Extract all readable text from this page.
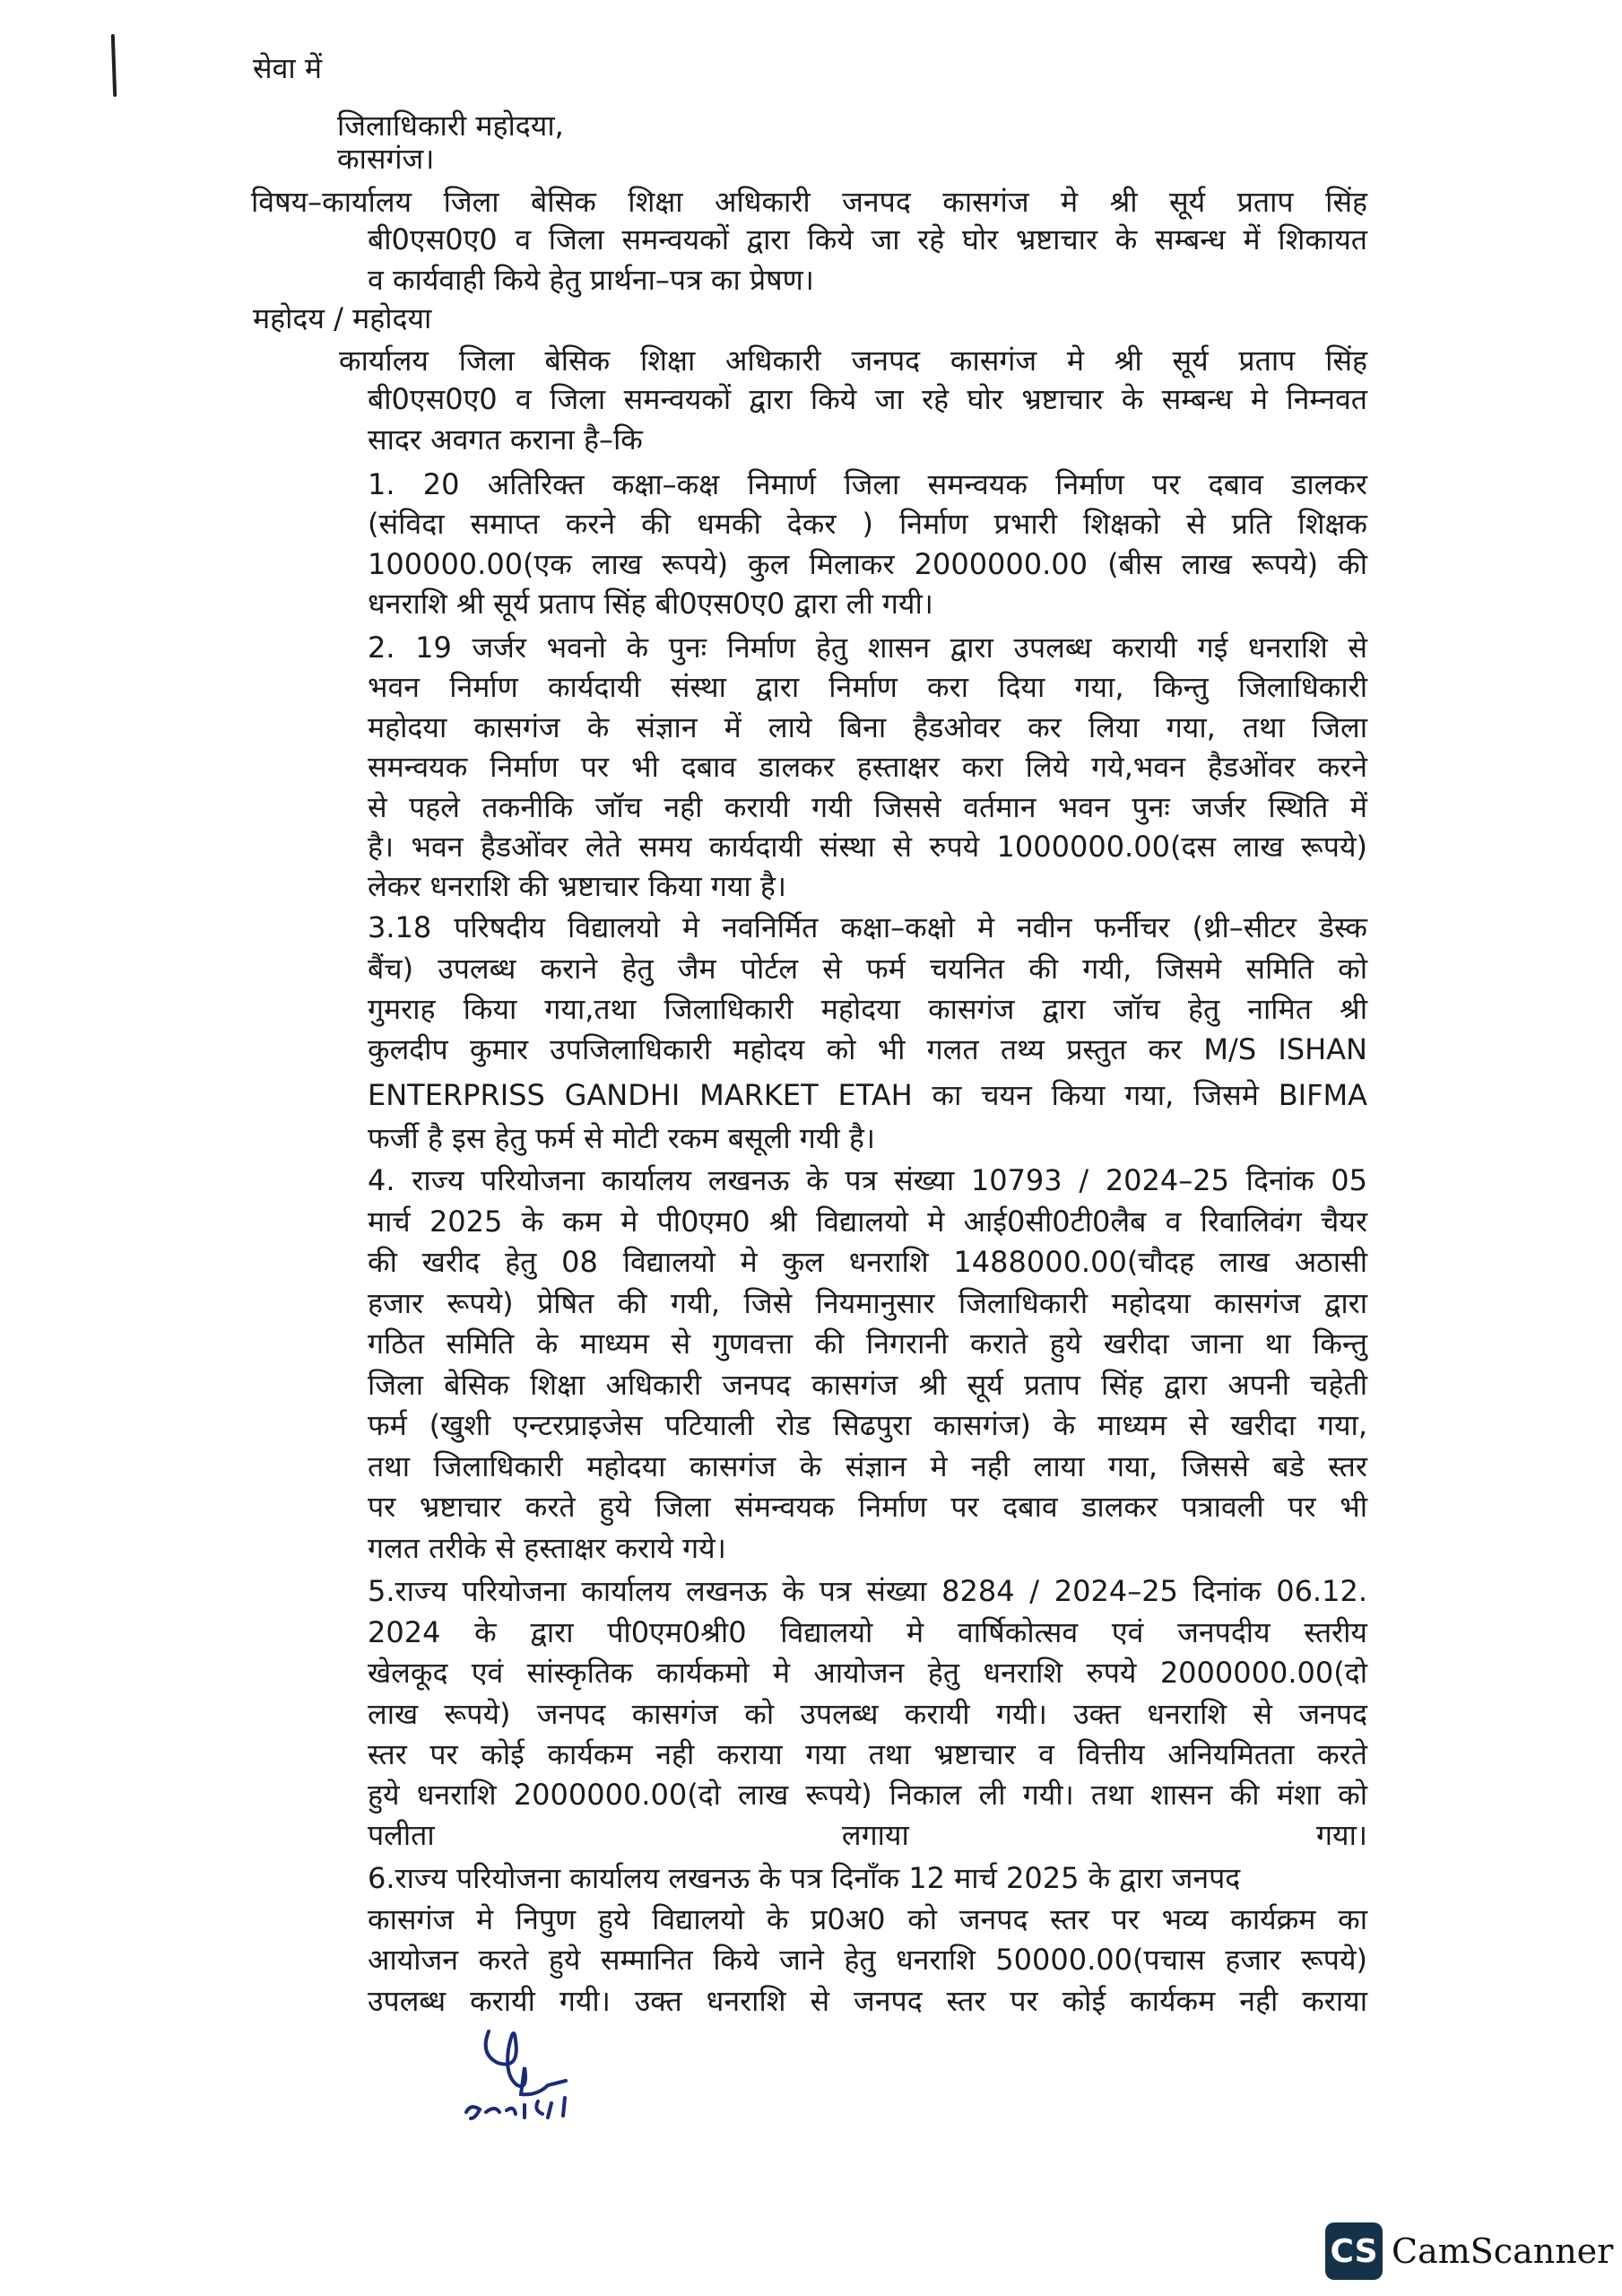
सेवा में
जिलाधिकारी महोदया,
कासगंज।
विषय–कार्यालय जिला बेसिक शिक्षा अधिकारी जनपद कासगंज मे श्री सूर्य प्रताप सिंह
बी0एस0ए0 व जिला समन्वयकों द्वारा किये जा रहे घोर भ्रष्टाचार के सम्बन्ध में शिकायत
व कार्यवाही किये हेतु प्रार्थना–पत्र का प्रेषण।
महोदय / महोदया
कार्यालय जिला बेसिक शिक्षा अधिकारी जनपद कासगंज मे श्री सूर्य प्रताप सिंह
बी0एस0ए0 व जिला समन्वयकों द्वारा किये जा रहे घोर भ्रष्टाचार के सम्बन्ध मे निम्नवत
सादर अवगत कराना है–कि
1. 20 अतिरिक्त कक्षा–कक्ष निमार्ण जिला समन्वयक निर्माण पर दबाव डालकर
(संविदा समाप्त करने की धमकी देकर ) निर्माण प्रभारी शिक्षको से प्रति शिक्षक
100000.00(एक लाख रूपये) कुल मिलाकर 2000000.00 (बीस लाख रूपये) की
धनराशि श्री सूर्य प्रताप सिंह बी0एस0ए0 द्वारा ली गयी।
2. 19 जर्जर भवनो के पुनः निर्माण हेतु शासन द्वारा उपलब्ध करायी गई धनराशि से
भवन निर्माण कार्यदायी संस्था द्वारा निर्माण करा दिया गया, किन्तु जिलाधिकारी
महोदया कासगंज के संज्ञान में लाये बिना हैडओवर कर लिया गया, तथा जिला
समन्वयक निर्माण पर भी दबाव डालकर हस्ताक्षर करा लिये गये,भवन हैडओंवर करने
से पहले तकनीकि जॉच नही करायी गयी जिससे वर्तमान भवन पुनः जर्जर स्थिति में
है। भवन हैडओंवर लेते समय कार्यदायी संस्था से रुपये 1000000.00(दस लाख रूपये)
लेकर धनराशि की भ्रष्टाचार किया गया है।
3.18 परिषदीय विद्यालयो मे नवनिर्मित कक्षा–कक्षो मे नवीन फर्नीचर (थ्री–सीटर डेस्क
बैंच) उपलब्ध कराने हेतु जैम पोर्टल से फर्म चयनित की गयी, जिसमे समिति को
गुमराह किया गया,तथा जिलाधिकारी महोदया कासगंज द्वारा जॉच हेतु नामित श्री
कुलदीप कुमार उपजिलाधिकारी महोदय को भी गलत तथ्य प्रस्तुत कर M/S ISHAN
ENTERPRISS GANDHI MARKET ETAH का चयन किया गया, जिसमे BIFMA
फर्जी है इस हेतु फर्म से मोटी रकम बसूली गयी है।
4. राज्य परियोजना कार्यालय लखनऊ के पत्र संख्या 10793 / 2024–25 दिनांक 05
मार्च 2025 के कम मे पी0एम0 श्री विद्यालयो मे आई0सी0टी0लैब व रिवालिवंग चैयर
की खरीद हेतु 08 विद्यालयो मे कुल धनराशि 1488000.00(चौदह लाख अठासी
हजार रूपये) प्रेषित की गयी, जिसे नियमानुसार जिलाधिकारी महोदया कासगंज द्वारा
गठित समिति के माध्यम से गुणवत्ता की निगरानी कराते हुये खरीदा जाना था किन्तु
जिला बेसिक शिक्षा अधिकारी जनपद कासगंज श्री सूर्य प्रताप सिंह द्वारा अपनी चहेती
फर्म (खुशी एन्टरप्राइजेस पटियाली रोड सिढपुरा कासगंज) के माध्यम से खरीदा गया,
तथा जिलाधिकारी महोदया कासगंज के संज्ञान मे नही लाया गया, जिससे बडे स्तर
पर भ्रष्टाचार करते हुये जिला संमन्वयक निर्माण पर दबाव डालकर पत्रावली पर भी
गलत तरीके से हस्ताक्षर कराये गये।
5.राज्य परियोजना कार्यालय लखनऊ के पत्र संख्या 8284 / 2024–25 दिनांक 06.12.
2024 के द्वारा पी0एम0श्री0 विद्यालयो मे वार्षिकोत्सव एवं जनपदीय स्तरीय
खेलकूद एवं सांस्कृतिक कार्यकमो मे आयोजन हेतु धनराशि रुपये 2000000.00(दो
लाख रूपये) जनपद कासगंज को उपलब्ध करायी गयी। उक्त धनराशि से जनपद
स्तर पर कोई कार्यकम नही कराया गया तथा भ्रष्टाचार व वित्तीय अनियमितता करते
हुये धनराशि 2000000.00(दो लाख रूपये) निकाल ली गयी। तथा शासन की मंशा को
पलीता लगाया गया।
6.राज्य परियोजना कार्यालय लखनऊ के पत्र दिनाँक 12 मार्च 2025 के द्वारा जनपद
कासगंज मे निपुण हुये विद्यालयो के प्र0अ0 को जनपद स्तर पर भव्य कार्यक्रम का
आयोजन करते हुये सम्मानित किये जाने हेतु धनराशि 50000.00(पचास हजार रूपये)
उपलब्ध करायी गयी। उक्त धनराशि से जनपद स्तर पर कोई कार्यकम नही कराया
CS CamScanner
